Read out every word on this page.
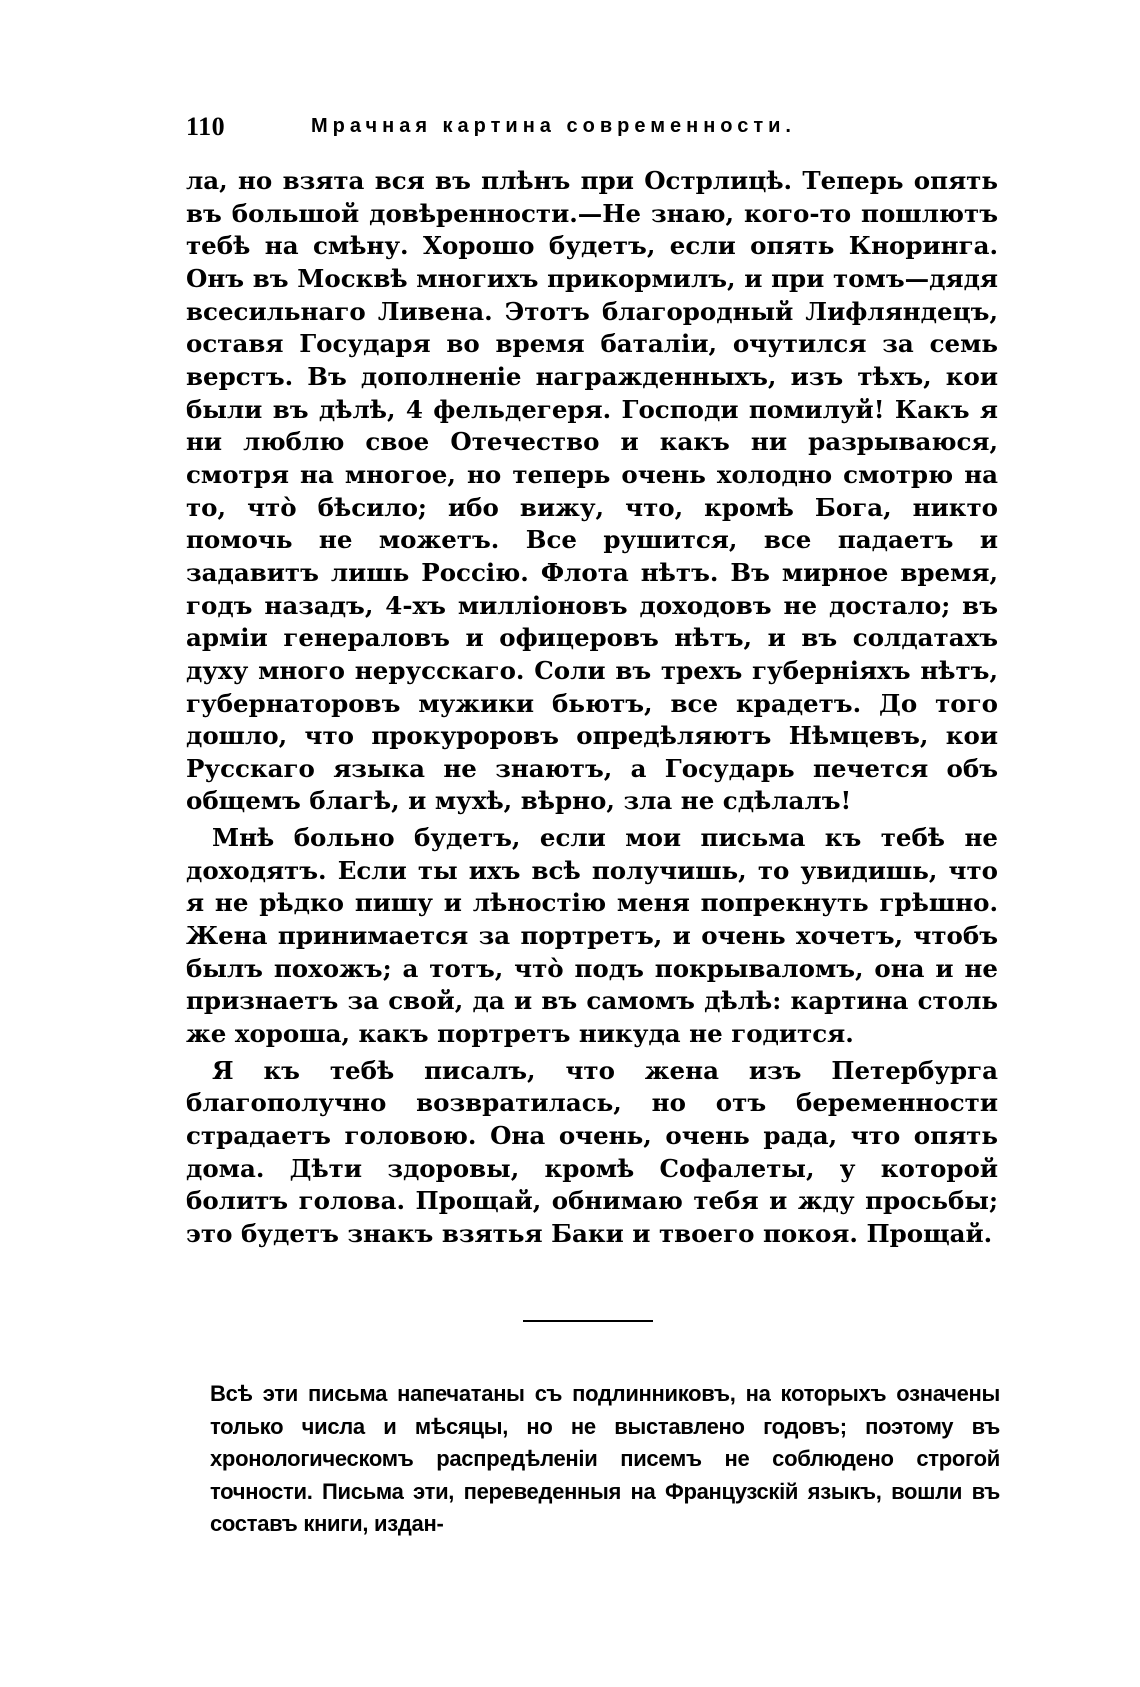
110	Мрачная картина современности.

ла, но взята вся въ плѣнъ при Острлицѣ. Теперь опять въ большой довѣренности.—Не знаю, кого-то пошлютъ тебѣ на смѣну. Хорошо будетъ, если опять Кноринга. Онъ въ Москвѣ многихъ прикормилъ, и при томъ—дядя всесильнаго Ливена. Этотъ благородный Лифляндецъ, оставя Государя во время баталіи, очутился за семь верстъ. Въ дополненіе награжденныхъ, изъ тѣхъ, кои были въ дѣлѣ, 4 фельдегеря. Господи помилуй! Какъ я ни люблю свое Отечество и какъ ни разрываюся, смотря на многое, но теперь очень холодно смотрю на то, что̀ бѣсило; ибо вижу, что, кромѣ Бога, никто помочь не можетъ. Все рушится, все падаетъ и задавитъ лишь Россію. Флота нѣтъ. Въ мирное время, годъ назадъ, 4-хъ милліоновъ доходовъ не достало; въ арміи генераловъ и офицеровъ нѣтъ, и въ солдатахъ духу много нерусскаго. Соли въ трехъ губерніяхъ нѣтъ, губернаторовъ мужики бьютъ, все крадетъ. До того дошло, что прокуроровъ опредѣляютъ Нѣмцевъ, кои Русскаго языка не знаютъ, а Государь печется объ общемъ благѣ, и мухѣ, вѣрно, зла не сдѣлалъ!

Мнѣ больно будетъ, если мои письма къ тебѣ не доходятъ. Если ты ихъ всѣ получишь, то увидишь, что я не рѣдко пишу и лѣностію меня попрекнуть грѣшно. Жена принимается за портретъ, и очень хочетъ, чтобъ былъ похожъ; а тотъ, что̀ подъ покрываломъ, она и не признаетъ за свой, да и въ самомъ дѣлѣ: картина столь же хороша, какъ портретъ никуда не годится.

Я къ тебѣ писалъ, что жена изъ Петербурга благополучно возвратилась, но отъ беременности страдаетъ головою. Она очень, очень рада, что опять дома. Дѣти здоровы, кромѣ Софалеты, у которой болитъ голова. Прощай, обнимаю тебя и жду просьбы; это будетъ знакъ взятья Баки и твоего покоя. Прощай.

Всѣ эти письма напечатаны съ подлинниковъ, на которыхъ означены только числа и мѣсяцы, но не выставлено годовъ; поэтому въ хронологическомъ распредѣленіи писемъ не соблюдено строгой точности. Письма эти, переведенныя на Французскій языкъ, вошли въ составъ книги, издан-
